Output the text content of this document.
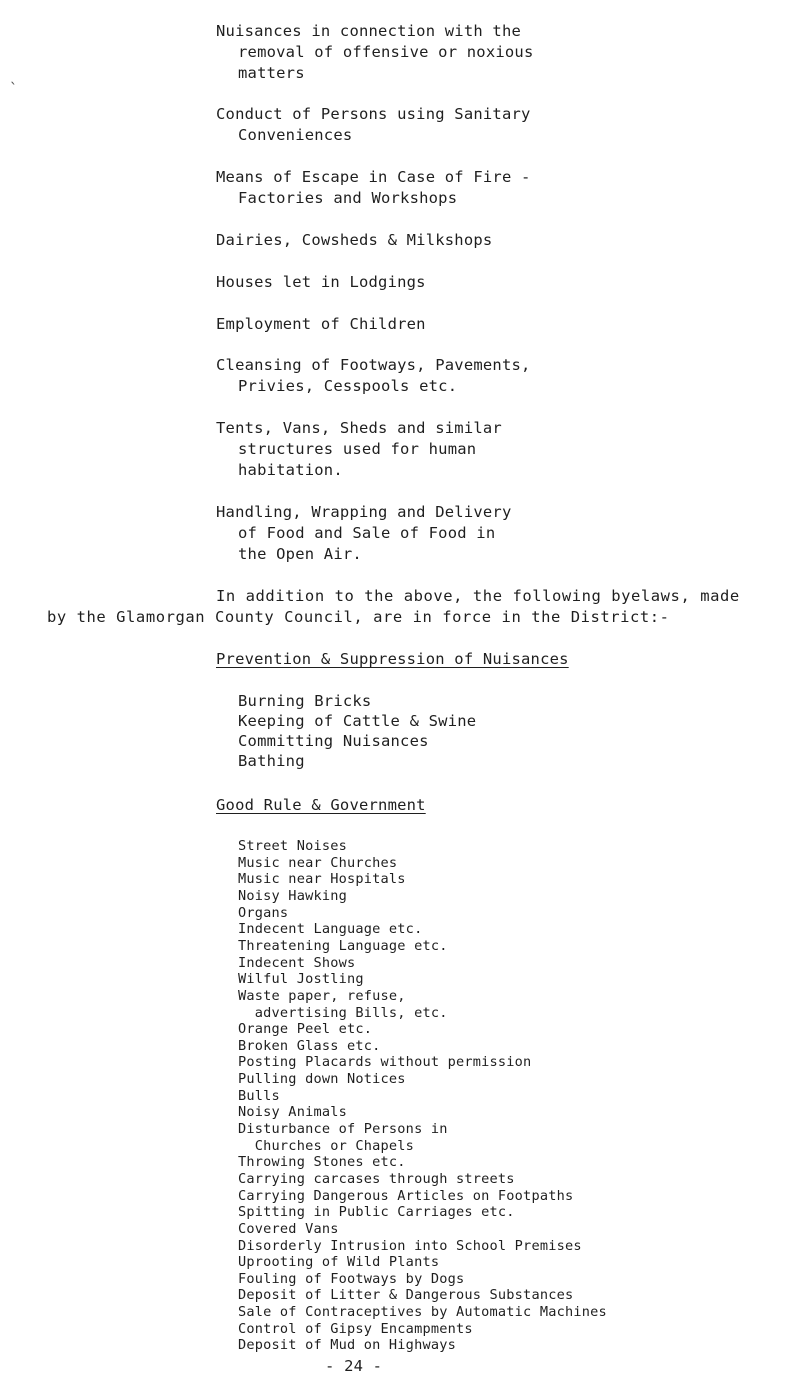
`
Nuisances in connection with the
removal of offensive or noxious
matters
Conduct of Persons using Sanitary
Conveniences
Means of Escape in Case of Fire -
Factories and Workshops
Dairies, Cowsheds & Milkshops
Houses let in Lodgings
Employment of Children
Cleansing of Footways, Pavements,
Privies, Cesspools etc.
Tents, Vans, Sheds and similar
structures used for human
habitation.
Handling, Wrapping and Delivery
of Food and Sale of Food in
the Open Air.
In addition to the above, the following byelaws, made
by the Glamorgan County Council, are in force in the District:-
Prevention & Suppression of Nuisances
Burning Bricks
Keeping of Cattle & Swine
Committing Nuisances
Bathing
Good Rule & Government
Street Noises
Music near Churches
Music near Hospitals
Noisy Hawking
Organs
Indecent Language etc.
Threatening Language etc.
Indecent Shows
Wilful Jostling
Waste paper, refuse,
advertising Bills, etc.
Orange Peel etc.
Broken Glass etc.
Posting Placards without permission
Pulling down Notices
Bulls
Noisy Animals
Disturbance of Persons in
Churches or Chapels
Throwing Stones etc.
Carrying carcases through streets
Carrying Dangerous Articles on Footpaths
Spitting in Public Carriages etc.
Covered Vans
Disorderly Intrusion into School Premises
Uprooting of Wild Plants
Fouling of Footways by Dogs
Deposit of Litter & Dangerous Substances
Sale of Contraceptives by Automatic Machines
Control of Gipsy Encampments
Deposit of Mud on Highways
- 24 -
